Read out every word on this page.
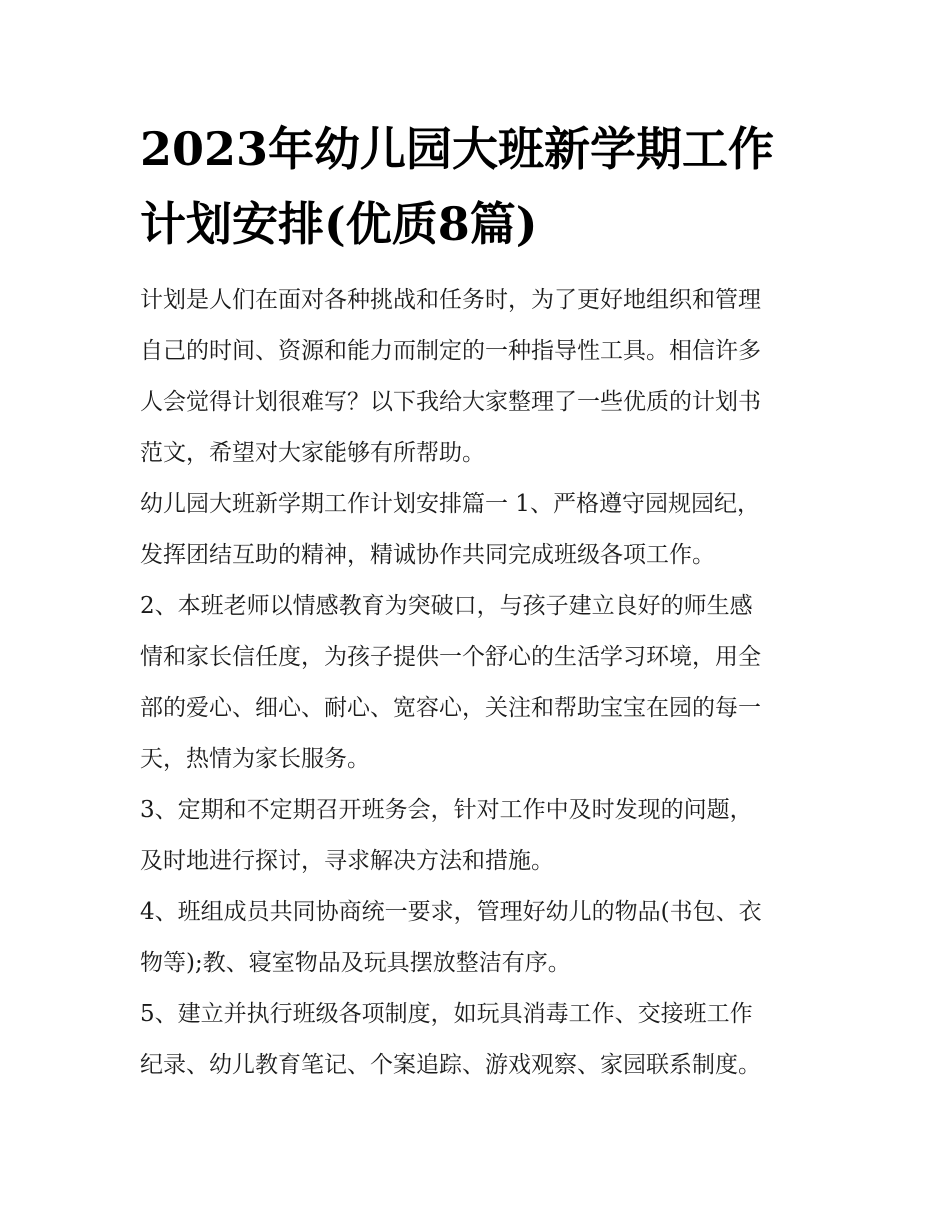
2023年幼儿园大班新学期工作
计划安排(优质8篇)

计划是人们在面对各种挑战和任务时，为了更好地组织和管理
自己的时间、资源和能力而制定的一种指导性工具。相信许多
人会觉得计划很难写？以下我给大家整理了一些优质的计划书
范文，希望对大家能够有所帮助。

幼儿园大班新学期工作计划安排篇一 1、严格遵守园规园纪，
发挥团结互助的精神，精诚协作共同完成班级各项工作。

2、本班老师以情感教育为突破口，与孩子建立良好的师生感
情和家长信任度，为孩子提供一个舒心的生活学习环境，用全
部的爱心、细心、耐心、宽容心，关注和帮助宝宝在园的每一
天，热情为家长服务。

3、定期和不定期召开班务会，针对工作中及时发现的问题，
及时地进行探讨，寻求解决方法和措施。

4、班组成员共同协商统一要求，管理好幼儿的物品(书包、衣
物等);教、寝室物品及玩具摆放整洁有序。

5、建立并执行班级各项制度，如玩具消毒工作、交接班工作
纪录、幼儿教育笔记、个案追踪、游戏观察、家园联系制度。
